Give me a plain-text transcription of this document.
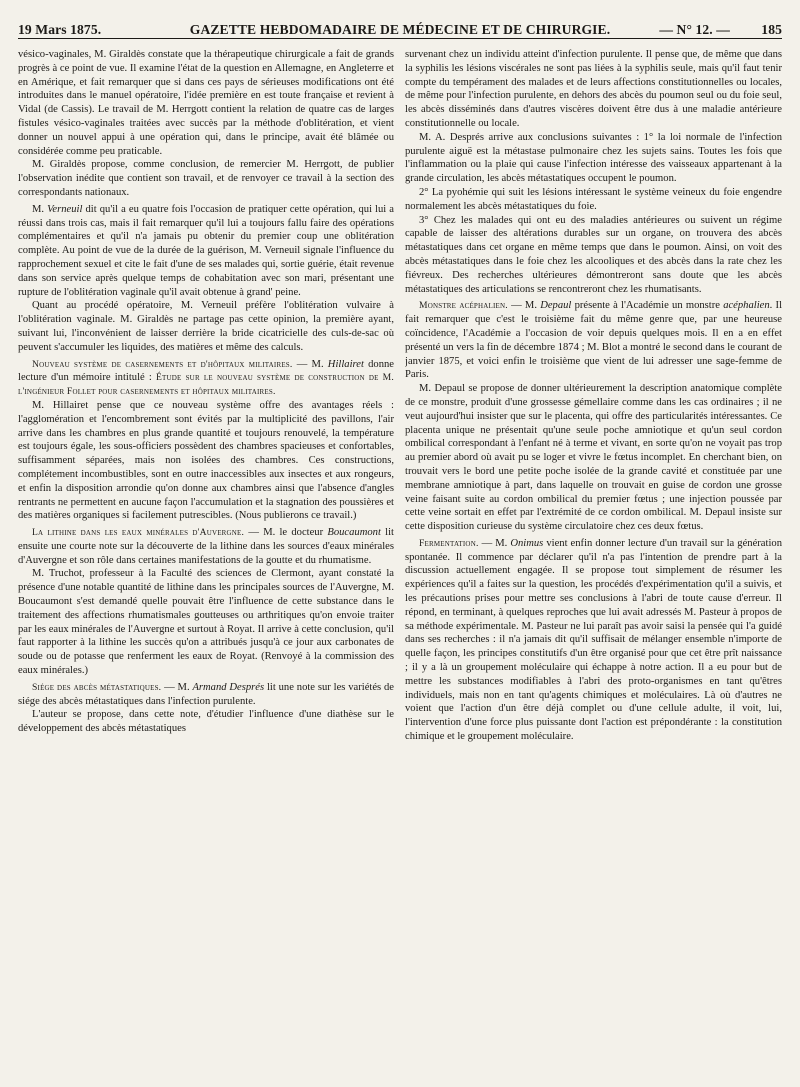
19 Mars 1875.	GAZETTE HEBDOMADAIRE DE MÉDECINE ET DE CHIRURGIE.	— N° 12. — 185

vésico-vaginales, M. Giraldès constate que la thérapeutique chirurgicale a fait de grands progrès à ce point de vue. Il examine l'état de la question en Allemagne, en Angleterre et en Amérique, et fait remarquer que si dans ces pays de sérieuses modifications ont été introduites dans le manuel opératoire, l'idée première en est toute française et revient à Vidal (de Cassis). Le travail de M. Herrgott contient la relation de quatre cas de larges fistules vésico-vaginales traitées avec succès par la méthode d'oblitération, et vient donner un nouvel appui à une opération qui, dans le principe, avait été blâmée ou considérée comme peu praticable.

M. Giraldès propose, comme conclusion, de remercier M. Herrgott, de publier l'observation inédite que contient son travail, et de renvoyer ce travail à la section des correspondants nationaux.

M. Verneuil dit qu'il a eu quatre fois l'occasion de pratiquer cette opération, qui lui a réussi dans trois cas, mais il fait remarquer qu'il lui a toujours fallu faire des opérations complémentaires et qu'il n'a jamais pu obtenir du premier coup une oblitération complète. Au point de vue de la durée de la guérison, M. Verneuil signale l'influence du rapprochement sexuel et cite le fait d'une de ses malades qui, sortie guérie, était revenue dans son service après quelque temps de cohabitation avec son mari, présentant une rupture de l'oblitération vaginale qu'il avait obtenue à grand' peine.

Quant au procédé opératoire, M. Verneuil préfère l'oblitération vulvaire à l'oblitération vaginale. M. Giraldès ne partage pas cette opinion, la première ayant, suivant lui, l'inconvénient de laisser derrière la bride cicatricielle des culs-de-sac où peuvent s'accumuler les liquides, des matières et même des calculs.

Nouveau système de casernements et d'hôpitaux militaires. — M. Hillairet donne lecture d'un mémoire intitulé : Étude sur le nouveau système de construction de M. l'ingénieur Follet pour casernements et hôpitaux militaires.

M. Hillairet pense que ce nouveau système offre des avantages réels : l'agglomération et l'encombrement sont évités par la multiplicité des pavillons, l'air arrive dans les chambres en plus grande quantité et toujours renouvelé, la température est toujours égale, les sous-officiers possèdent des chambres spacieuses et confortables, suffisamment séparées, mais non isolées des chambres. Ces constructions, complétement incombustibles, sont en outre inaccessibles aux insectes et aux rongeurs, et enfin la disposition arrondie qu'on donne aux chambres ainsi que l'absence d'angles rentrants ne permettent en aucune façon l'accumulation et la stagnation des poussières et des matières organiques si facilement putrescibles. (Nous publierons ce travail.)

La lithine dans les eaux minérales d'Auvergne. — M. le docteur Boucaumont lit ensuite une courte note sur la découverte de la lithine dans les sources d'eaux minérales d'Auvergne et son rôle dans certaines manifestations de la goutte et du rhumatisme.

M. Truchot, professeur à la Faculté des sciences de Clermont, ayant constaté la présence d'une notable quantité de lithine dans les principales sources de l'Auvergne, M. Boucaumont s'est demandé quelle pouvait être l'influence de cette substance dans le traitement des affections rhumatismales goutteuses ou arthritiques qu'on envoie traiter par les eaux minérales de l'Auvergne et surtout à Royat. Il arrive à cette conclusion, qu'il faut rapporter à la lithine les succès qu'on a attribués jusqu'à ce jour aux carbonates de soude ou de potasse que renferment les eaux de Royat. (Renvoyé à la commission des eaux minérales.)

Siége des abcès métastatiques. — M. Armand Després lit une note sur les variétés de siége des abcès métastatiques dans l'infection purulente.

L'auteur se propose, dans cette note, d'étudier l'influence d'une diathèse sur le développement des abcès métastatiques

survenant chez un individu atteint d'infection purulente. Il pense que, de même que dans la syphilis les lésions viscérales ne sont pas liées à la syphilis seule, mais qu'il faut tenir compte du tempérament des malades et de leurs affections constitutionnelles ou locales, de même pour l'infection purulente, en dehors des abcès du poumon seul ou du foie seul, les abcès disséminés dans d'autres viscères doivent être dus à une maladie antérieure constitutionnelle ou locale.

M. A. Després arrive aux conclusions suivantes : 1° la loi normale de l'infection purulente aiguë est la métastase pulmonaire chez les sujets sains. Toutes les fois que l'inflammation ou la plaie qui cause l'infection intéresse des vaisseaux appartenant à la grande circulation, les abcès métastatiques occupent le poumon.

2° La pyohémie qui suit les lésions intéressant le système veineux du foie engendre normalement les abcès métastatiques du foie.

3° Chez les malades qui ont eu des maladies antérieures ou suivent un régime capable de laisser des altérations durables sur un organe, on trouvera des abcès métastatiques dans cet organe en même temps que dans le poumon. Ainsi, on voit des abcès métastatiques dans le foie chez les alcooliques et des abcès dans la rate chez les fiévreux. Des recherches ultérieures démontreront sans doute que les abcès métastatiques des articulations se rencontreront chez les rhumatisants.

Monstre acéphalien. — M. Depaul présente à l'Académie un monstre acéphalien. Il fait remarquer que c'est le troisième fait du même genre que, par une heureuse coïncidence, l'Académie a l'occasion de voir depuis quelques mois. Il en a en effet présenté un vers la fin de décembre 1874 ; M. Blot a montré le second dans le courant de janvier 1875, et voici enfin le troisième que vient de lui adresser une sage-femme de Paris.

M. Depaul se propose de donner ultérieurement la description anatomique complète de ce monstre, produit d'une grossesse gémellaire comme dans les cas ordinaires ; il ne veut aujourd'hui insister que sur le placenta, qui offre des particularités intéressantes. Ce placenta unique ne présentait qu'une seule poche amniotique et qu'un seul cordon ombilical correspondant à l'enfant né à terme et vivant, en sorte qu'on ne voyait pas trop au premier abord où avait pu se loger et vivre le fœtus incomplet. En cherchant bien, on trouvait vers le bord une petite poche isolée de la grande cavité et constituée par une membrane amniotique à part, dans laquelle on trouvait en guise de cordon une grosse veine faisant suite au cordon ombilical du premier fœtus ; une injection poussée par cette veine sortait en effet par l'extrémité de ce cordon ombilical. M. Depaul insiste sur cette disposition curieuse du système circulatoire chez ces deux fœtus.

Fermentation. — M. Onimus vient enfin donner lecture d'un travail sur la génération spontanée. Il commence par déclarer qu'il n'a pas l'intention de prendre part à la discussion actuellement engagée. Il se propose tout simplement de résumer les expériences qu'il a faites sur la question, les procédés d'expérimentation qu'il a suivis, et les précautions prises pour mettre ses conclusions à l'abri de toute cause d'erreur. Il répond, en terminant, à quelques reproches que lui avait adressés M. Pasteur à propos de sa méthode expérimentale. M. Pasteur ne lui paraît pas avoir saisi la pensée qui l'a guidé dans ses recherches : il n'a jamais dit qu'il suffisait de mélanger ensemble n'importe de quelle façon, les principes constitutifs d'un être organisé pour que cet être prît naissance ; il y a là un groupement moléculaire qui échappe à notre action. Il a eu pour but de mettre les substances modifiables à l'abri des proto-organismes en tant qu'êtres individuels, mais non en tant qu'agents chimiques et moléculaires. Là où d'autres ne voient que l'action d'un être déjà complet ou d'une cellule adulte, il voit, lui, l'intervention d'une force plus puissante dont l'action est prépondérante : la constitution chimique et le groupement moléculaire.
